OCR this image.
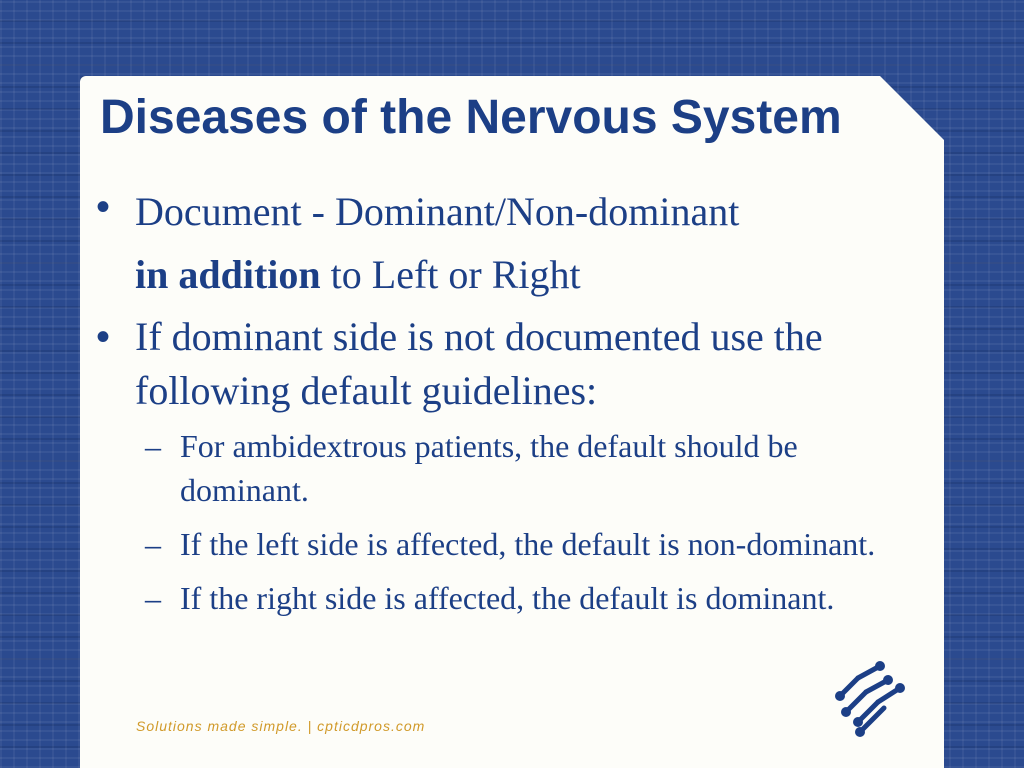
Diseases of the Nervous System
• Document - Dominant/Non-dominant
in addition to Left or Right
• If dominant side is not documented use the following default guidelines:
– For ambidextrous patients, the default should be dominant.
– If the left side is affected, the default is non-dominant.
– If the right side is affected, the default is dominant.
Solutions made simple. | cpticdpros.com
